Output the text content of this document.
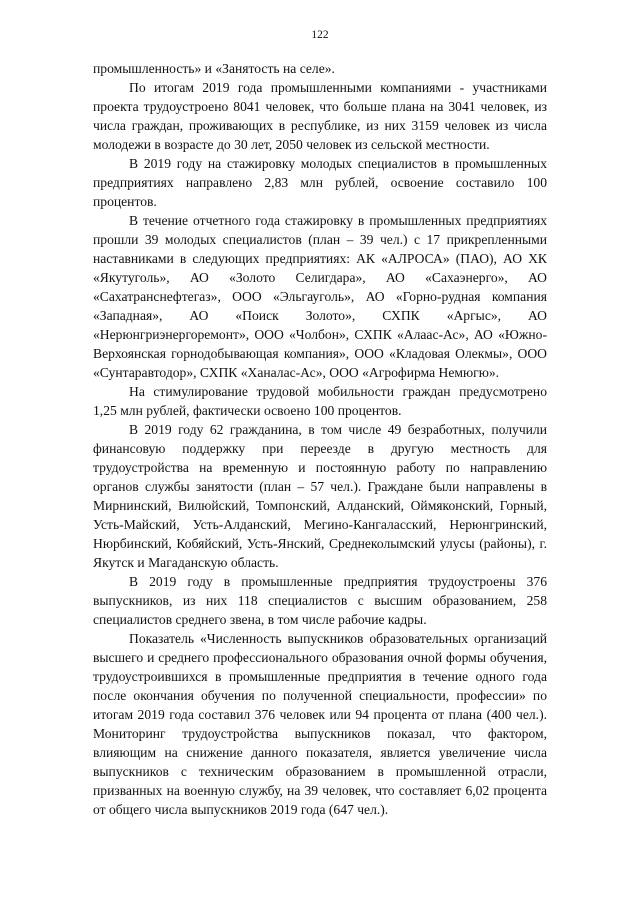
122

промышленность» и «Занятость на селе».

По итогам 2019 года промышленными компаниями - участниками проекта трудоустроено 8041 человек, что больше плана на 3041 человек, из числа граждан, проживающих в республике, из них 3159 человек из числа молодежи в возрасте до 30 лет, 2050 человек из сельской местности.

В 2019 году на стажировку молодых специалистов в промышленных предприятиях направлено 2,83 млн рублей, освоение составило 100 процентов.

В течение отчетного года стажировку в промышленных предприятиях прошли 39 молодых специалистов (план – 39 чел.) с 17 прикрепленными наставниками в следующих предприятиях: АК «АЛРОСА» (ПАО), АО ХК «Якутуголь», АО «Золото Селигдара», АО «Сахаэнерго», АО «Сахатранснефтегаз», ООО «Эльгауголь», АО «Горно-рудная компания «Западная», АО «Поиск Золото», СХПК «Аргыс», АО «Нерюнгриэнергоремонт», ООО «Чолбон», СХПК «Алаас-Ас», АО «Южно-Верхоянская горнодобывающая компания», ООО «Кладовая Олекмы», ООО «Сунтаравтодор», СХПК «Ханалас-Ас», ООО «Агрофирма Немюгю».

На стимулирование трудовой мобильности граждан предусмотрено 1,25 млн рублей, фактически освоено 100 процентов.

В 2019 году 62 гражданина, в том числе 49 безработных, получили финансовую поддержку при переезде в другую местность для трудоустройства на временную и постоянную работу по направлению органов службы занятости (план – 57 чел.). Граждане были направлены в Мирнинский, Вилюйский, Томпонский, Алданский, Оймяконский, Горный, Усть-Майский, Усть-Алданский, Мегино-Кангаласский, Нерюнгринский, Нюрбинский, Кобяйский, Усть-Янский, Среднеколымский улусы (районы), г. Якутск и Магаданскую область.

В 2019 году в промышленные предприятия трудоустроены 376 выпускников, из них 118 специалистов с высшим образованием, 258 специалистов среднего звена, в том числе рабочие кадры.

Показатель «Численность выпускников образовательных организаций высшего и среднего профессионального образования очной формы обучения, трудоустроившихся в промышленные предприятия в течение одного года после окончания обучения по полученной специальности, профессии» по итогам 2019 года составил 376 человек или 94 процента от плана (400 чел.). Мониторинг трудоустройства выпускников показал, что фактором, влияющим на снижение данного показателя, является увеличение числа выпускников с техническим образованием в промышленной отрасли, призванных на военную службу, на 39 человек, что составляет 6,02 процента от общего числа выпускников 2019 года (647 чел.).
